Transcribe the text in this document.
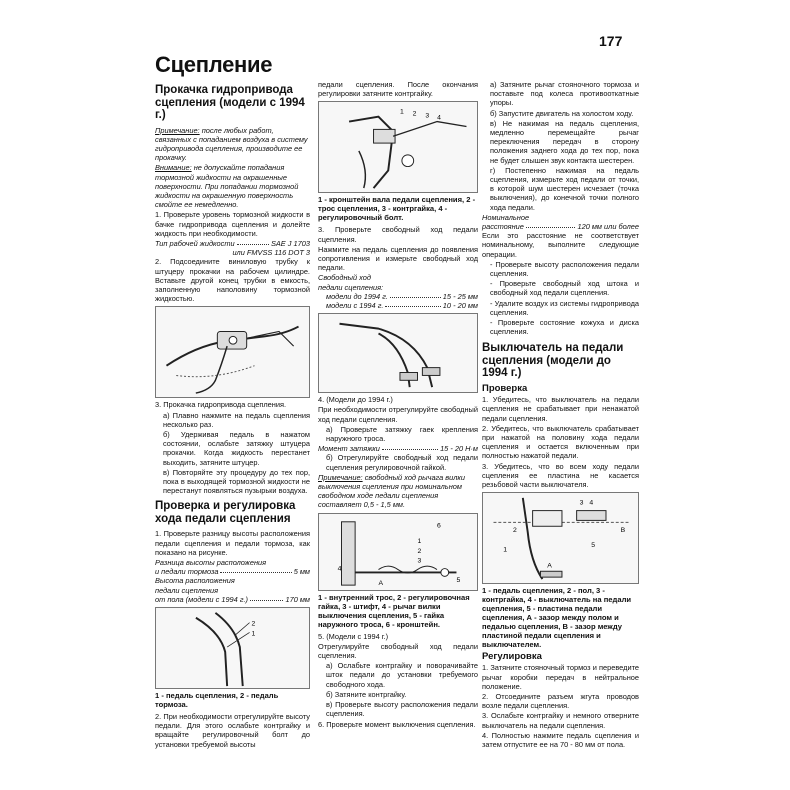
177
Сцепление
Прокачка гидропривода сцепления (модели с 1994 г.)
Примечание: после любых работ, связанных с попаданием воздуха в систему гидропривода сцепления, производите ее прокачку.
Внимание: не допускайте попадания тормозной жидкости на окрашенные поверхности. При попадании тормозной жидкости на окрашенную поверхность смойте ее немедленно.
1. Проверьте уровень тормозной жидкости в бачке гидропривода сцепления и долейте жидкость при необходимости.
Тип рабочей жидкости	SAE J 1703
или FMVSS 116 DOT 3
2. Подсоедините виниловую трубку к штуцеру прокачки на рабочем цилиндре. Вставьте другой конец трубки в емкость, заполненную наполовину тормозной жидкостью.
3. Прокачка гидропривода сцепления.
а) Плавно нажмите на педаль сцепления несколько раз.
б) Удерживая педаль в нажатом состоянии, ослабьте затяжку штуцера прокачки. Когда жидкость перестанет выходить, затяните штуцер.
в) Повторяйте эту процедуру до тех пор, пока в выходящей тормозной жидкости не перестанут появляться пузырьки воздуха.
Проверка и регулировка хода педали сцепления
1. Проверьте разницу высоты расположения педали сцепления и педали тормоза, как показано на рисунке.
Разница высоты расположения
и педали тормоза	5 мм
Высота расположения
педали сцепления
от пола (модели с 1994 г.)	170 мм
2
1
1 - педаль сцепления, 2 - педаль тормоза.
2. При необходимости отрегулируйте высоту педали. Для этого ослабьте контргайку и вращайте регулировочный болт до установки требуемой высоты
педали сцепления. После окончания регулировки затяните контргайку.
1 2 3 4
1 - кронштейн вала педали сцепления, 2 - трос сцепления, 3 - контргайка, 4 - регулировочный болт.
3. Проверьте свободный ход педали сцепления.
Нажмите на педаль сцепления до появления сопротивления и измерьте свободный ход педали.
Свободный ход
педали сцепления:
модели до 1994 г.	15 - 25 мм
модели с 1994 г.	10 - 20 мм
4. (Модели до 1994 г.)
При необходимости отрегулируйте свободный ход педали сцепления.
а) Проверьте затяжку гаек крепления наружного троса.
Момент затяжки	15 - 20 Н·м
б) Отрегулируйте свободный ход педали сцепления регулировочной гайкой.
Примечание: свободный ход рычага вилки выключения сцепления при номинальном свободном ходе педали сцепления составляет 0,5 - 1,5 мм.
6
1
2
3
4
5
A
1 - внутренний трос, 2 - регулировочная гайка, 3 - штифт, 4 - рычаг вилки выключения сцепления, 5 - гайка наружного троса, 6 - кронштейн.
5. (Модели с 1994 г.)
Отрегулируйте свободный ход педали сцепления.
а) Ослабьте контргайку и поворачивайте шток педали до установки требуемого свободного хода.
б) Затяните контргайку.
в) Проверьте высоту расположения педали сцепления.
6. Проверьте момент выключения сцепления.
а) Затяните рычаг стояночного тормоза и поставьте под колеса противооткатные упоры.
б) Запустите двигатель на холостом ходу.
в) Не нажимая на педаль сцепления, медленно перемещайте рычаг переключения передач в сторону положения заднего хода до тех пор, пока не будет слышен звук контакта шестерен.
г) Постепенно нажимая на педаль сцепления, измерьте ход педали от точки, в которой шум шестерен исчезает (точка выключения), до конечной точки полного хода педали.
Номинальное
расстояние	120 мм или более
Если это расстояние не соответствует номинальному, выполните следующие операции.
- Проверьте высоту расположения педали сцепления.
- Проверьте свободный ход штока и свободный ход педали сцепления.
- Удалите воздух из системы гидропривода сцепления.
- Проверьте состояние кожуха и диска сцепления.
Выключатель на педали сцепления (модели до 1994 г.)
Проверка
1. Убедитесь, что выключатель на педали сцепления не срабатывает при ненажатой педали сцепления.
2. Убедитесь, что выключатель срабатывает при нажатой на половину хода педали сцепления и остается включенным при полностью нажатой педали.
3. Убедитесь, что во всем ходу педали сцепления ее пластина не касается резьбовой части выключателя.
3 4
B
5
1
2
A
1 - педаль сцепления, 2 - пол, 3 - контргайка, 4 - выключатель на педали сцепления, 5 - пластина педали сцепления, А - зазор между полом и педалью сцепления, В - зазор между пластиной педали сцепления и выключателем.
Регулировка
1. Затяните стояночный тормоз и переведите рычаг коробки передач в нейтральное положение.
2. Отсоедините разъем жгута проводов возле педали сцепления.
3. Ослабьте контргайку и немного отверните выключатель на педали сцепления.
4. Полностью нажмите педаль сцепления и затем отпустите ее на 70 - 80 мм от пола.
